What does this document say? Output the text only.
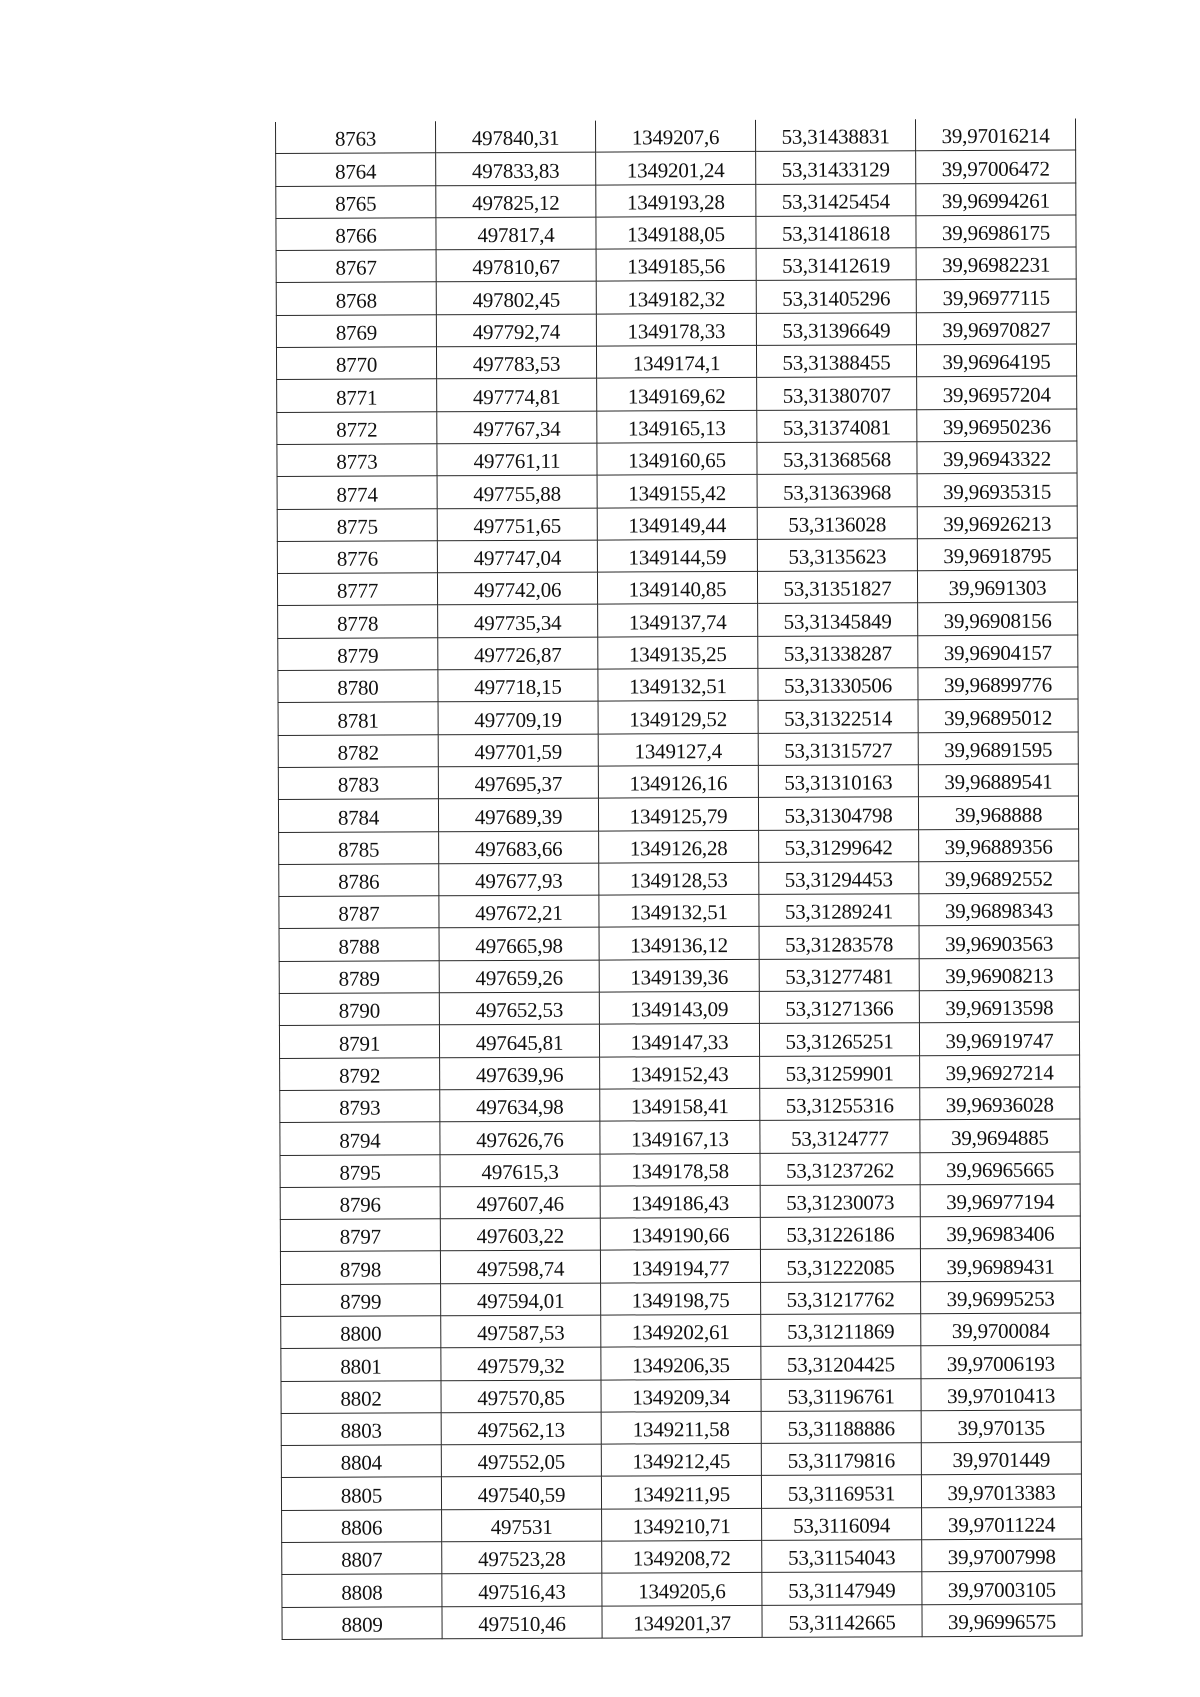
8763	497840,31	1349207,6	53,31438831	39,97016214
8764	497833,83	1349201,24	53,31433129	39,97006472
8765	497825,12	1349193,28	53,31425454	39,96994261
8766	497817,4	1349188,05	53,31418618	39,96986175
8767	497810,67	1349185,56	53,31412619	39,96982231
8768	497802,45	1349182,32	53,31405296	39,96977115
8769	497792,74	1349178,33	53,31396649	39,96970827
8770	497783,53	1349174,1	53,31388455	39,96964195
8771	497774,81	1349169,62	53,31380707	39,96957204
8772	497767,34	1349165,13	53,31374081	39,96950236
8773	497761,11	1349160,65	53,31368568	39,96943322
8774	497755,88	1349155,42	53,31363968	39,96935315
8775	497751,65	1349149,44	53,3136028	39,96926213
8776	497747,04	1349144,59	53,3135623	39,96918795
8777	497742,06	1349140,85	53,31351827	39,9691303
8778	497735,34	1349137,74	53,31345849	39,96908156
8779	497726,87	1349135,25	53,31338287	39,96904157
8780	497718,15	1349132,51	53,31330506	39,96899776
8781	497709,19	1349129,52	53,31322514	39,96895012
8782	497701,59	1349127,4	53,31315727	39,96891595
8783	497695,37	1349126,16	53,31310163	39,96889541
8784	497689,39	1349125,79	53,31304798	39,968888
8785	497683,66	1349126,28	53,31299642	39,96889356
8786	497677,93	1349128,53	53,31294453	39,96892552
8787	497672,21	1349132,51	53,31289241	39,96898343
8788	497665,98	1349136,12	53,31283578	39,96903563
8789	497659,26	1349139,36	53,31277481	39,96908213
8790	497652,53	1349143,09	53,31271366	39,96913598
8791	497645,81	1349147,33	53,31265251	39,96919747
8792	497639,96	1349152,43	53,31259901	39,96927214
8793	497634,98	1349158,41	53,31255316	39,96936028
8794	497626,76	1349167,13	53,3124777	39,9694885
8795	497615,3	1349178,58	53,31237262	39,96965665
8796	497607,46	1349186,43	53,31230073	39,96977194
8797	497603,22	1349190,66	53,31226186	39,96983406
8798	497598,74	1349194,77	53,31222085	39,96989431
8799	497594,01	1349198,75	53,31217762	39,96995253
8800	497587,53	1349202,61	53,31211869	39,9700084
8801	497579,32	1349206,35	53,31204425	39,97006193
8802	497570,85	1349209,34	53,31196761	39,97010413
8803	497562,13	1349211,58	53,31188886	39,970135
8804	497552,05	1349212,45	53,31179816	39,9701449
8805	497540,59	1349211,95	53,31169531	39,97013383
8806	497531	1349210,71	53,3116094	39,97011224
8807	497523,28	1349208,72	53,31154043	39,97007998
8808	497516,43	1349205,6	53,31147949	39,97003105
8809	497510,46	1349201,37	53,31142665	39,96996575
